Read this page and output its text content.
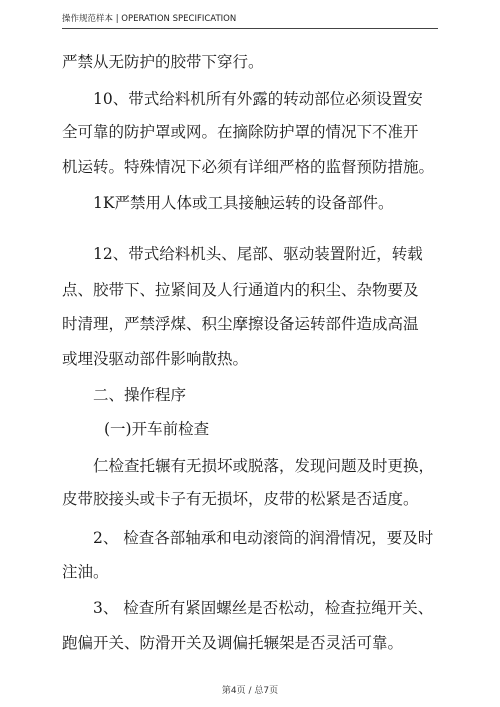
操作规范样本 | OPERATION SPECIFICATION
严禁从无防护的胶带下穿行。
10、带式给料机所有外露的转动部位必须设置安
全可靠的防护罩或网。在摘除防护罩的情况下不准开
机运转。特殊情况下必须有详细严格的监督预防措施。
1K严禁用人体或工具接触运转的设备部件。
12、带式给料机头、尾部、驱动装置附近，转载
点、胶带下、拉紧间及人行通道内的积尘、杂物要及
时清理，严禁浮煤、积尘摩擦设备运转部件造成高温
或埋没驱动部件影响散热。
二、操作程序
(一)开车前检查
仁检查托辗有无损坏或脱落，发现问题及时更换，
皮带胶接头或卡子有无损坏，皮带的松紧是否适度。
2、 检查各部轴承和电动滚筒的润滑情况，要及时
注油。
3、 检查所有紧固螺丝是否松动，检查拉绳开关、
跑偏开关、防滑开关及调偏托辗架是否灵活可靠。
第4页 / 总7页
